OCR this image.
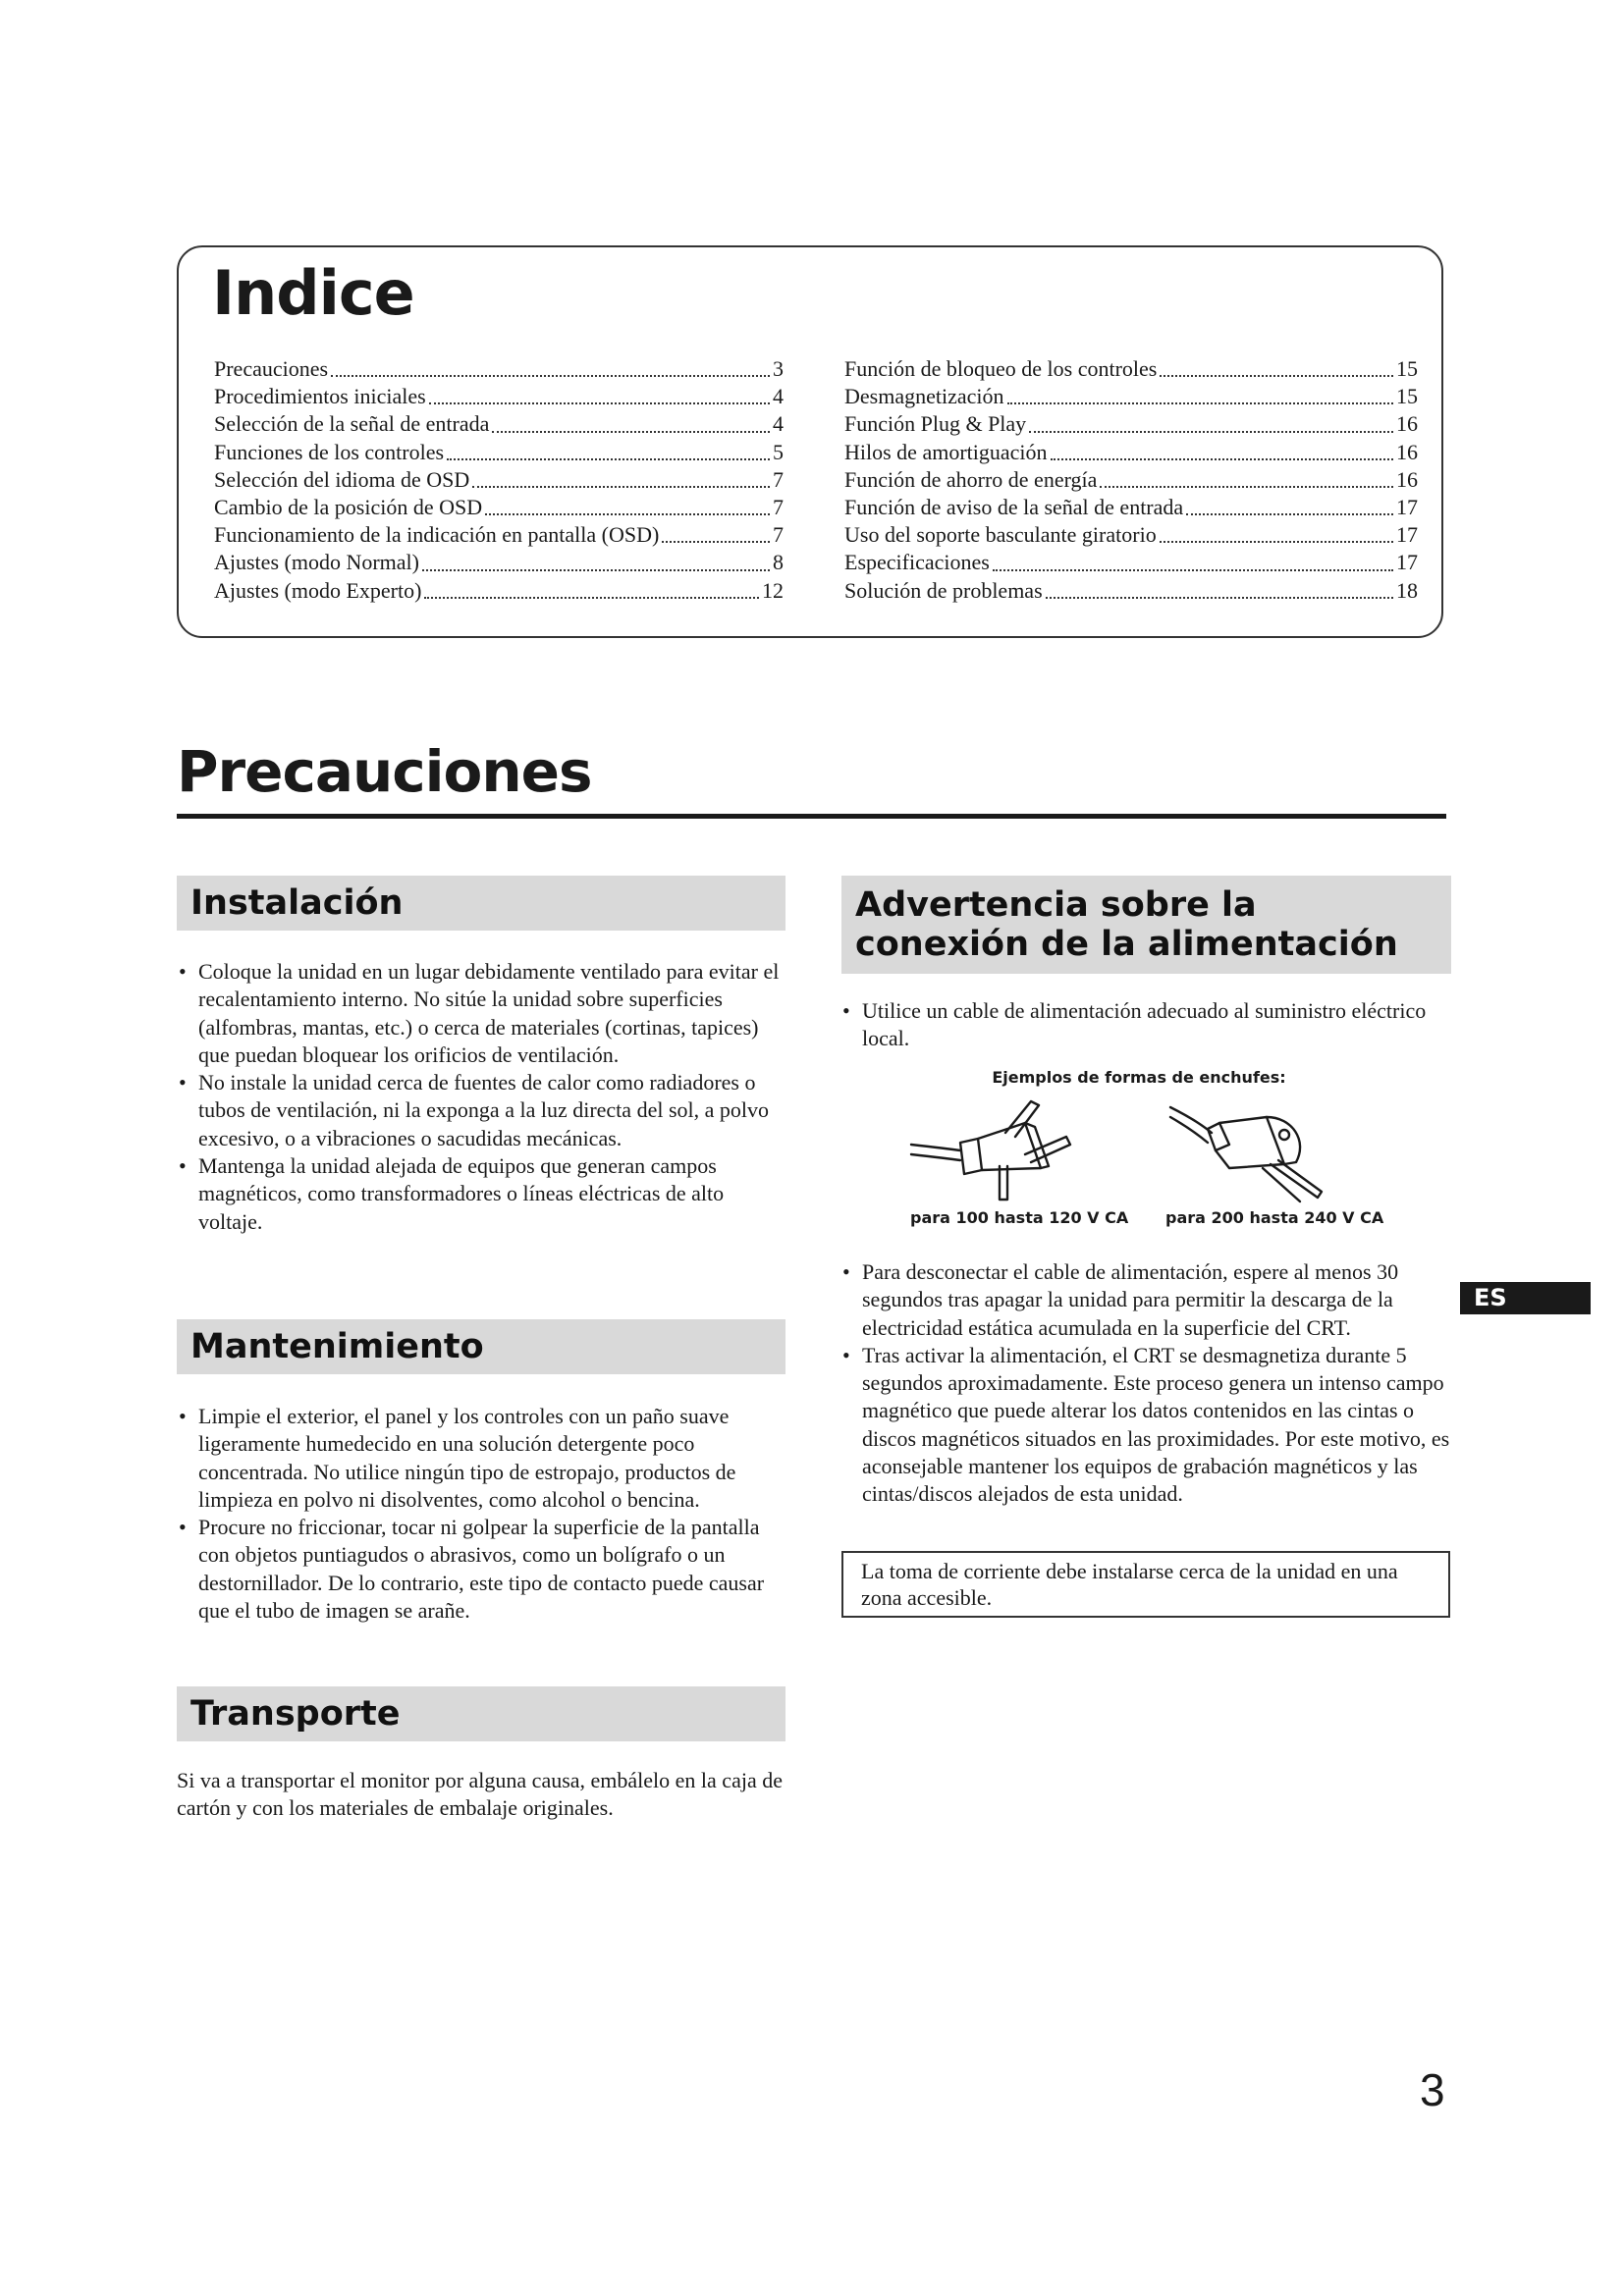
Indice
Precauciones	3
Procedimientos iniciales	4
Selección de la señal de entrada	4
Funciones de los controles	5
Selección del idioma de OSD	7
Cambio de la posición de OSD	7
Funcionamiento de la indicación en pantalla (OSD)	7
Ajustes (modo Normal)	8
Ajustes (modo Experto)	12
Función de bloqueo de los controles	15
Desmagnetización	15
Función Plug & Play	16
Hilos de amortiguación	16
Función de ahorro de energía	16
Función de aviso de la señal de entrada	17
Uso del soporte basculante giratorio	17
Especificaciones	17
Solución de problemas	18
Precauciones
Instalación
• Coloque la unidad en un lugar debidamente ventilado para evitar el recalentamiento interno. No sitúe la unidad sobre superficies (alfombras, mantas, etc.) o cerca de materiales (cortinas, tapices) que puedan bloquear los orificios de ventilación.
• No instale la unidad cerca de fuentes de calor como radiadores o tubos de ventilación, ni la exponga a la luz directa del sol, a polvo excesivo, o a vibraciones o sacudidas mecánicas.
• Mantenga la unidad alejada de equipos que generan campos magnéticos, como transformadores o líneas eléctricas de alto voltaje.
Mantenimiento
• Limpie el exterior, el panel y los controles con un paño suave ligeramente humedecido en una solución detergente poco concentrada. No utilice ningún tipo de estropajo, productos de limpieza en polvo ni disolventes, como alcohol o bencina.
• Procure no friccionar, tocar ni golpear la superficie de la pantalla con objetos puntiagudos o abrasivos, como un bolígrafo o un destornillador. De lo contrario, este tipo de contacto puede causar que el tubo de imagen se arañe.
Transporte

Si va a transportar el monitor por alguna causa, embálelo en la caja de cartón y con los materiales de embalaje originales.

Advertencia sobre la
conexión de la alimentación
• Utilice un cable de alimentación adecuado al suministro eléctrico local.
Ejemplos de formas de enchufes:
para 100 hasta 120 V CA para 200 hasta 240 V CA
• Para desconectar el cable de alimentación, espere al menos 30 segundos tras apagar la unidad para permitir la descarga de la electricidad estática acumulada en la superficie del CRT.
• Tras activar la alimentación, el CRT se desmagnetiza durante 5 segundos aproximadamente. Este proceso genera un intenso campo magnético que puede alterar los datos contenidos en las cintas o discos magnéticos situados en las proximidades. Por este motivo, es aconsejable mantener los equipos de grabación magnéticos y las cintas/discos alejados de esta unidad.
La toma de corriente debe instalarse cerca de la unidad en una zona accesible.
ES
3
